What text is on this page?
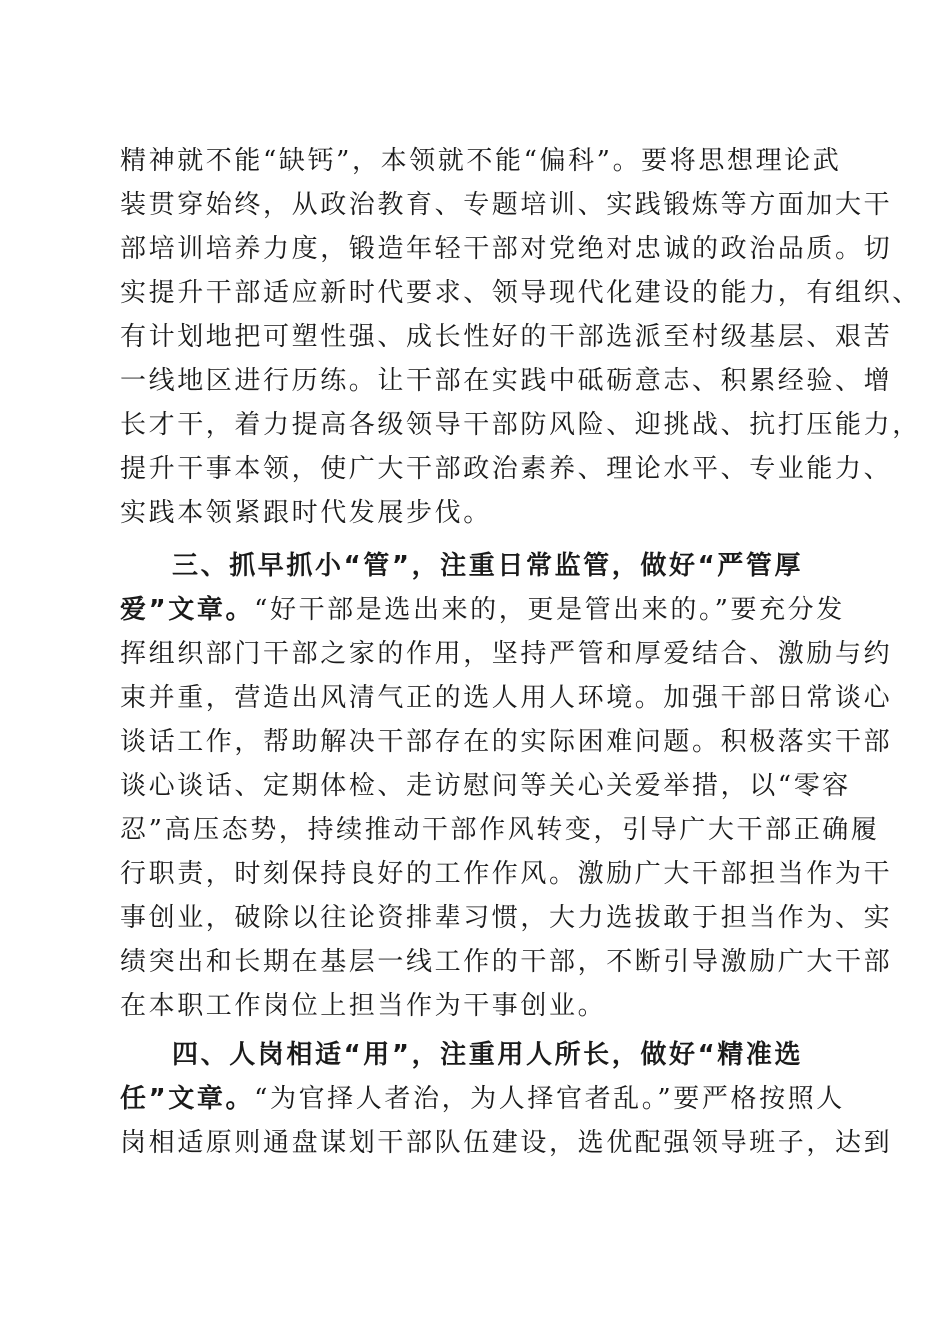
精神就不能“缺钙”，本领就不能“偏科”。要将思想理论武
装贯穿始终，从政治教育、专题培训、实践锻炼等方面加大干
部培训培养力度，锻造年轻干部对党绝对忠诚的政治品质。切
实提升干部适应新时代要求、领导现代化建设的能力，有组织、
有计划地把可塑性强、成长性好的干部选派至村级基层、艰苦
一线地区进行历练。让干部在实践中砥砺意志、积累经验、增
长才干，着力提高各级领导干部防风险、迎挑战、抗打压能力，
提升干事本领，使广大干部政治素养、理论水平、专业能力、
实践本领紧跟时代发展步伐。
三、抓早抓小“管”，注重日常监管，做好“严管厚
爱”文章。“好干部是选出来的，更是管出来的。”要充分发
挥组织部门干部之家的作用，坚持严管和厚爱结合、激励与约
束并重，营造出风清气正的选人用人环境。加强干部日常谈心
谈话工作，帮助解决干部存在的实际困难问题。积极落实干部
谈心谈话、定期体检、走访慰问等关心关爱举措，以“零容
忍”高压态势，持续推动干部作风转变，引导广大干部正确履
行职责，时刻保持良好的工作作风。激励广大干部担当作为干
事创业，破除以往论资排辈习惯，大力选拔敢于担当作为、实
绩突出和长期在基层一线工作的干部，不断引导激励广大干部
在本职工作岗位上担当作为干事创业。
四、人岗相适“用”，注重用人所长，做好“精准选
任”文章。“为官择人者治，为人择官者乱。”要严格按照人
岗相适原则通盘谋划干部队伍建设，选优配强领导班子，达到
